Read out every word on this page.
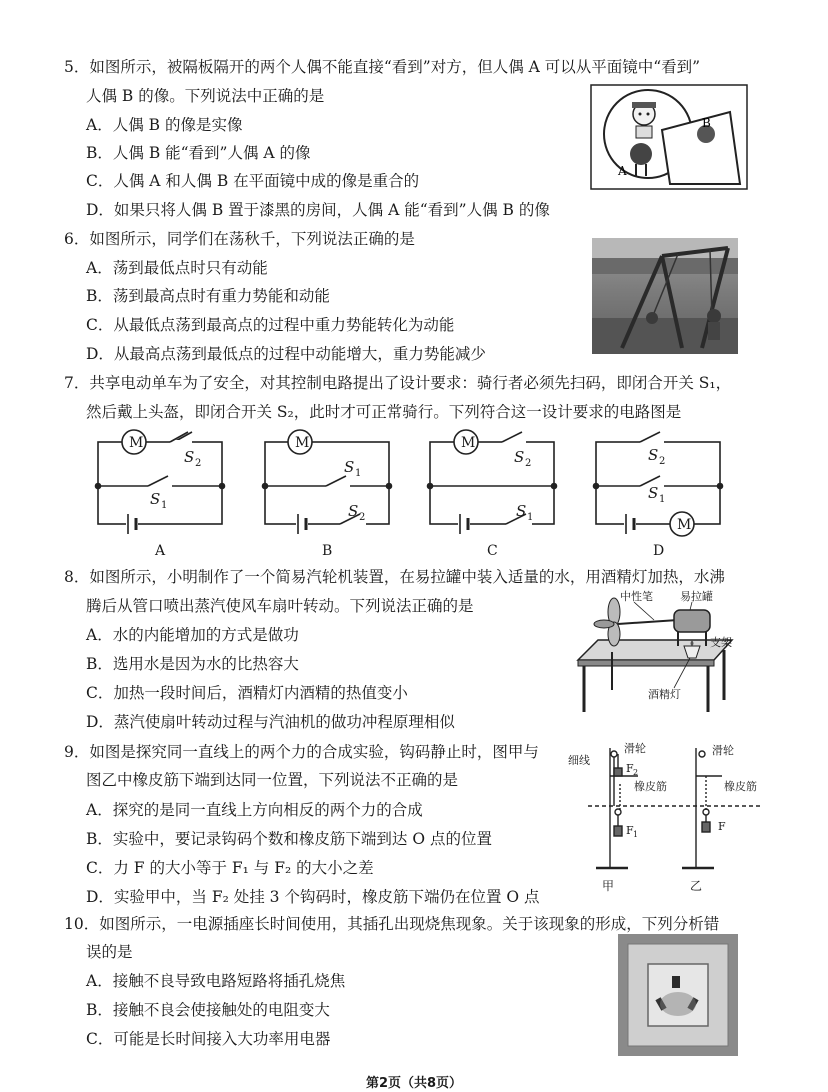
5．如图所示，被隔板隔开的两个人偶不能直接“看到”对方，但人偶 A 可以从平面镜中“看到”
人偶 B 的像。下列说法中正确的是
A．人偶 B 的像是实像
B．人偶 B 能“看到”人偶 A 的像
C．人偶 A 和人偶 B 在平面镜中成的像是重合的
D．如果只将人偶 B 置于漆黑的房间，人偶 A 能“看到”人偶 B 的像
A
B
6．如图所示，同学们在荡秋千，下列说法正确的是
A．荡到最低点时只有动能
B．荡到最高点时有重力势能和动能
C．从最低点荡到最高点的过程中重力势能转化为动能
D．从最高点荡到最低点的过程中动能增大，重力势能减少
7．共享电动单车为了安全，对其控制电路提出了设计要求：骑行者必须先扫码，即闭合开关 S₁，
然后戴上头盔，即闭合开关 S₂，此时才可正常骑行。下列符合这一设计要求的电路图是
M	M	M
M
S
S
S
S
S
S
S
S
2
1
1
2
2
1
2
1
A	B	C	D
8．如图所示，小明制作了一个简易汽轮机装置，在易拉罐中装入适量的水，用酒精灯加热，水沸
腾后从管口喷出蒸汽使风车扇叶转动。下列说法正确的是
A．水的内能增加的方式是做功
B．选用水是因为水的比热容大
C．加热一段时间后，酒精灯内酒精的热值变小
D．蒸汽使扇叶转动过程与汽油机的做功冲程原理相似
中性笔 易拉罐
支架
酒精灯
9．如图是探究同一直线上的两个力的合成实验，钩码静止时，图甲与
图乙中橡皮筋下端到达同一位置，下列说法不正确的是
A．探究的是同一直线上方向相反的两个力的合成
B．实验中，要记录钩码个数和橡皮筋下端到达 O 点的位置
C．力 F 的大小等于 F₁ 与 F₂ 的大小之差
D．实验甲中，当 F₂ 处挂 3 个钩码时，橡皮筋下端仍在位置 O 点
细线
滑轮	滑轮
橡皮筋	橡皮筋
F 2
F 1
F
甲	乙
10．如图所示，一电源插座长时间使用，其插孔出现烧焦现象。关于该现象的形成，下列分析错
误的是
A．接触不良导致电路短路将插孔烧焦
B．接触不良会使接触处的电阻变大
C．可能是长时间接入大功率用电器
第2页（共8页）
